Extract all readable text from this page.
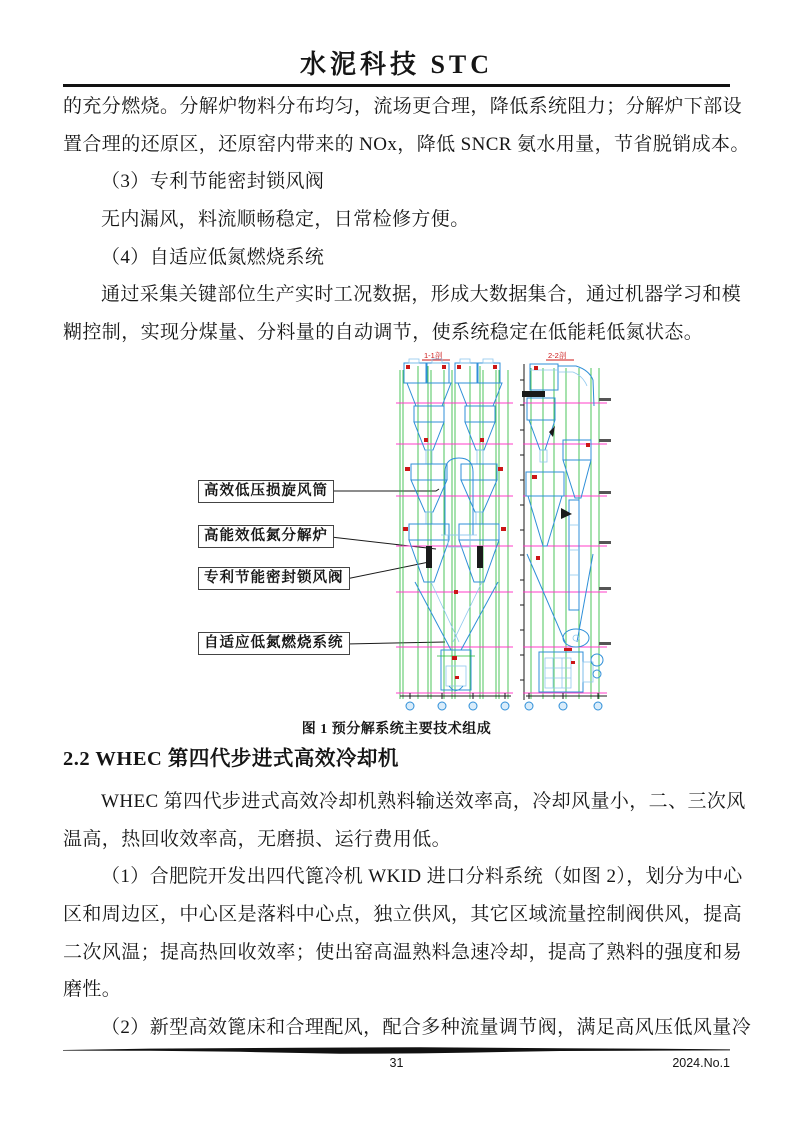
水泥科技 STC
的充分燃烧。分解炉物料分布均匀，流场更合理，降低系统阻力；分解炉下部设
置合理的还原区，还原窑内带来的 NOx，降低 SNCR 氨水用量，节省脱销成本。
（3）专利节能密封锁风阀
无内漏风，料流顺畅稳定，日常检修方便。
（4）自适应低氮燃烧系统
通过采集关键部位生产实时工况数据，形成大数据集合，通过机器学习和模
糊控制，实现分煤量、分料量的自动调节，使系统稳定在低能耗低氮状态。
1-1剖	2-2剖
高效低压损旋风筒
高能效低氮分解炉
专利节能密封锁风阀
自适应低氮燃烧系统
图 1 预分解系统主要技术组成
2.2 WHEC 第四代步进式高效冷却机
WHEC 第四代步进式高效冷却机熟料输送效率高，冷却风量小，二、三次风
温高，热回收效率高，无磨损、运行费用低。
（1）合肥院开发出四代篦冷机 WKID 进口分料系统（如图 2），划分为中心
区和周边区，中心区是落料中心点，独立供风，其它区域流量控制阀供风，提高
二次风温；提高热回收效率；使出窑高温熟料急速冷却，提高了熟料的强度和易
磨性。
（2）新型高效篦床和合理配风，配合多种流量调节阀，满足高风压低风量冷
31	2024.No.1
